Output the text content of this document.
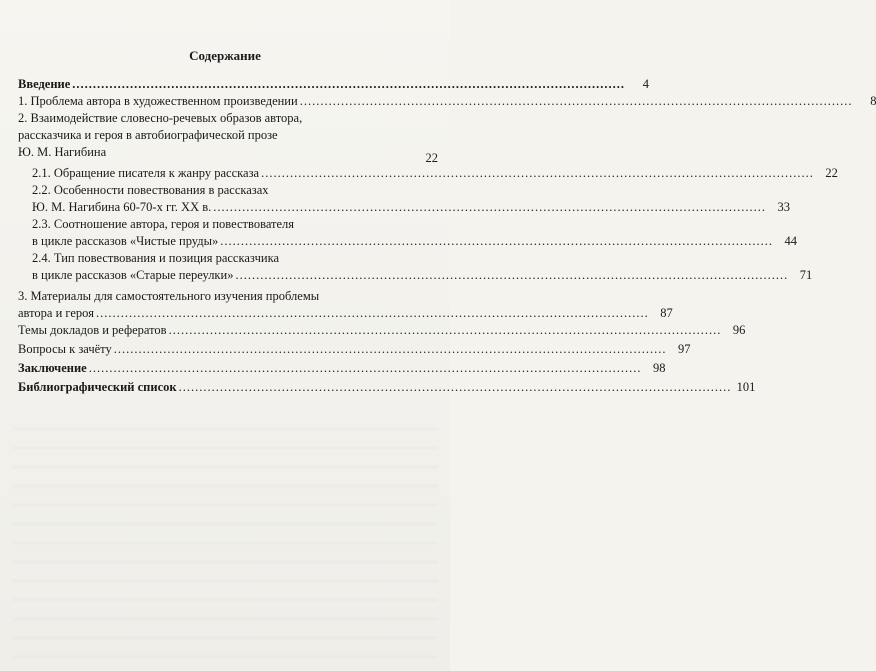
Содержание
Введение ......................................................................................................................................	4
1. Проблема автора в художественном произведении ......................................................................................................................................	8
2. Взаимодействие словесно-речевых образов автора,
рассказчика и героя в автобиографической прозе
Ю. М. Нагибина	22
2.1. Обращение писателя к жанру рассказа ...................................................................................................................................... 22
2.2. Особенности повествования в рассказах
Ю. М. Нагибина 60-70-х гг. XX в. ...................................................................................................................................... 33
2.3. Соотношение автора, героя и повествователя
в цикле рассказов «Чистые пруды» ...................................................................................................................................... 44
2.4. Тип повествования и позиция рассказчика
в цикле рассказов «Старые переулки» ...................................................................................................................................... 71
3. Материалы для самостоятельного изучения проблемы
автора и героя ...................................................................................................................................... 87
Темы докладов и рефератов ...................................................................................................................................... 96
Вопросы к зачёту ...................................................................................................................................... 97
Заключение ...................................................................................................................................... 98
Библиографический список ...................................................................................................................................... 101
